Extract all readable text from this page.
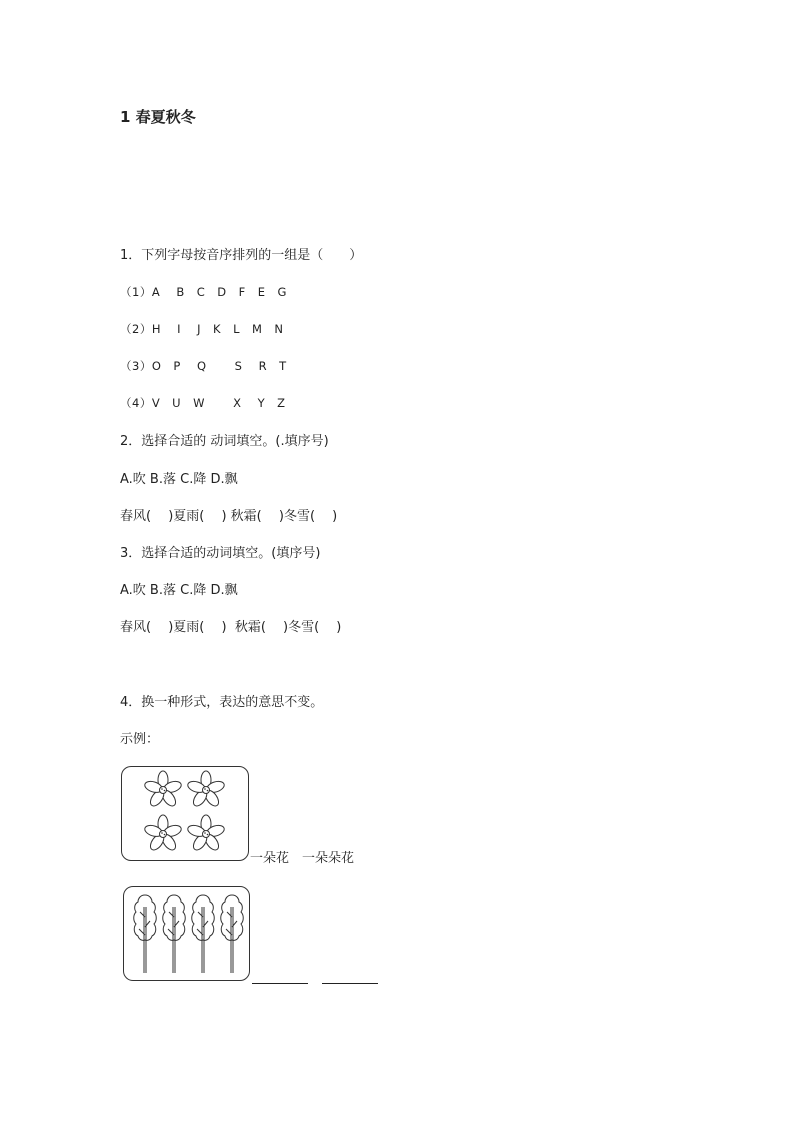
1 春夏秋冬
1．下列字母按音序排列的一组是（　　）
（1）A　 B　C　D　F　E　G
（2）H　 I　 J　K　L　M　N
（3）O　P　 Q　　 S　 R　T
（4）V　U　W　　 X　 Y　Z
2．选择合适的 动词填空。(.填序号)
A.吹 B.落 C.降 D.飘
春风(　 )夏雨(　 ) 秋霜(　 )冬雪(　 )
3．选择合适的动词填空。(填序号)
A.吹 B.落 C.降 D.飘
春风(　 )夏雨(　 )  秋霜(　 )冬雪(　 )
4．换一种形式，表达的意思不变。
示例：
一朵花　一朵朵花
